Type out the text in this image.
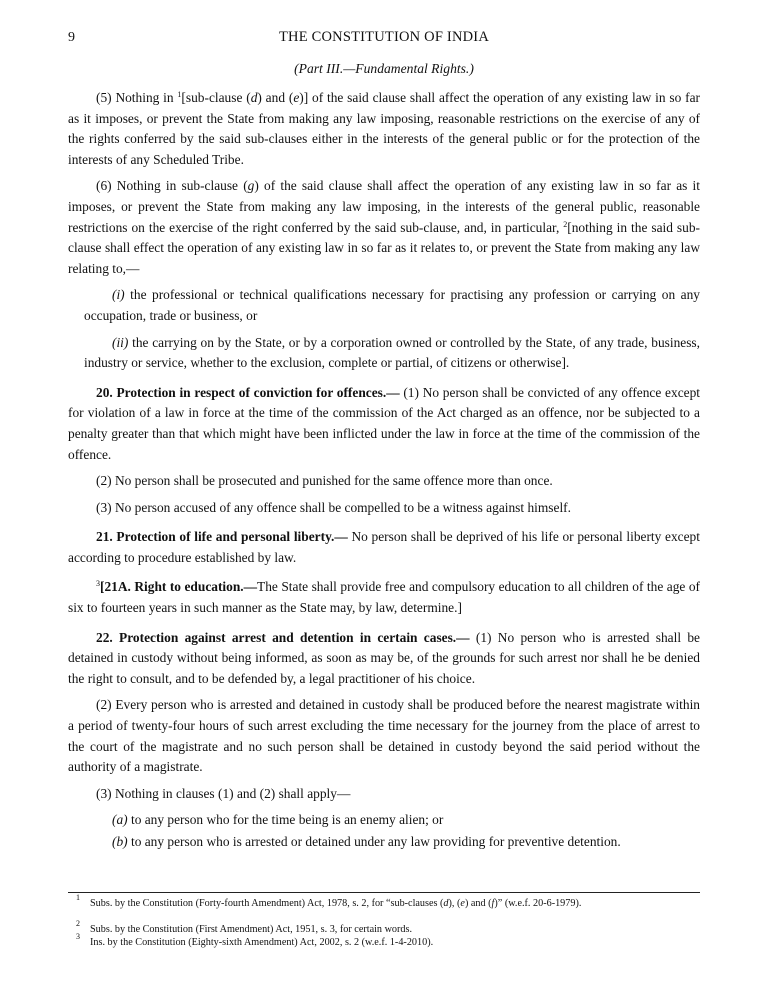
9	THE CONSTITUTION OF INDIA
(Part III.—Fundamental Rights.)

(5) Nothing in $^1$[sub-clause (d) and (e)] of the said clause shall affect the operation of any existing law in so far as it imposes, or prevent the State from making any law imposing, reasonable restrictions on the exercise of any of the rights conferred by the said sub-clauses either in the interests of the general public or for the protection of the interests of any Scheduled Tribe.

(6) Nothing in sub-clause (g) of the said clause shall affect the operation of any existing law in so far as it imposes, or prevent the State from making any law imposing, in the interests of the general public, reasonable restrictions on the exercise of the right conferred by the said sub-clause, and, in particular, $^2$[nothing in the said sub-clause shall effect the operation of any existing law in so far as it relates to, or prevent the State from making any law relating to,—

(i) the professional or technical qualifications necessary for practising any profession or carrying on any occupation, trade or business, or

(ii) the carrying on by the State, or by a corporation owned or controlled by the State, of any trade, business, industry or service, whether to the exclusion, complete or partial, of citizens or otherwise].

20. Protection in respect of conviction for offences.— (1) No person shall be convicted of any offence except for violation of a law in force at the time of the commission of the Act charged as an offence, nor be subjected to a penalty greater than that which might have been inflicted under the law in force at the time of the commission of the offence.

(2) No person shall be prosecuted and punished for the same offence more than once.

(3) No person accused of any offence shall be compelled to be a witness against himself.

21. Protection of life and personal liberty.— No person shall be deprived of his life or personal liberty except according to procedure established by law.

$^3$[21A. Right to education.—The State shall provide free and compulsory education to all children of the age of six to fourteen years in such manner as the State may, by law, determine.]

22. Protection against arrest and detention in certain cases.— (1) No person who is arrested shall be detained in custody without being informed, as soon as may be, of the grounds for such arrest nor shall he be denied the right to consult, and to be defended by, a legal practitioner of his choice.

(2) Every person who is arrested and detained in custody shall be produced before the nearest magistrate within a period of twenty-four hours of such arrest excluding the time necessary for the journey from the place of arrest to the court of the magistrate and no such person shall be detained in custody beyond the said period without the authority of a magistrate.

(3) Nothing in clauses (1) and (2) shall apply—

(a) to any person who for the time being is an enemy alien; or

(b) to any person who is arrested or detained under any law providing for preventive detention.

1
Subs. by the Constitution (Forty-fourth Amendment) Act, 1978, s. 2, for “sub-clauses (d), (e) and (f)” (w.e.f. 20-6-1979).
2
Subs. by the Constitution (First Amendment) Act, 1951, s. 3, for certain words.
3
Ins. by the Constitution (Eighty-sixth Amendment) Act, 2002, s. 2 (w.e.f. 1-4-2010).
